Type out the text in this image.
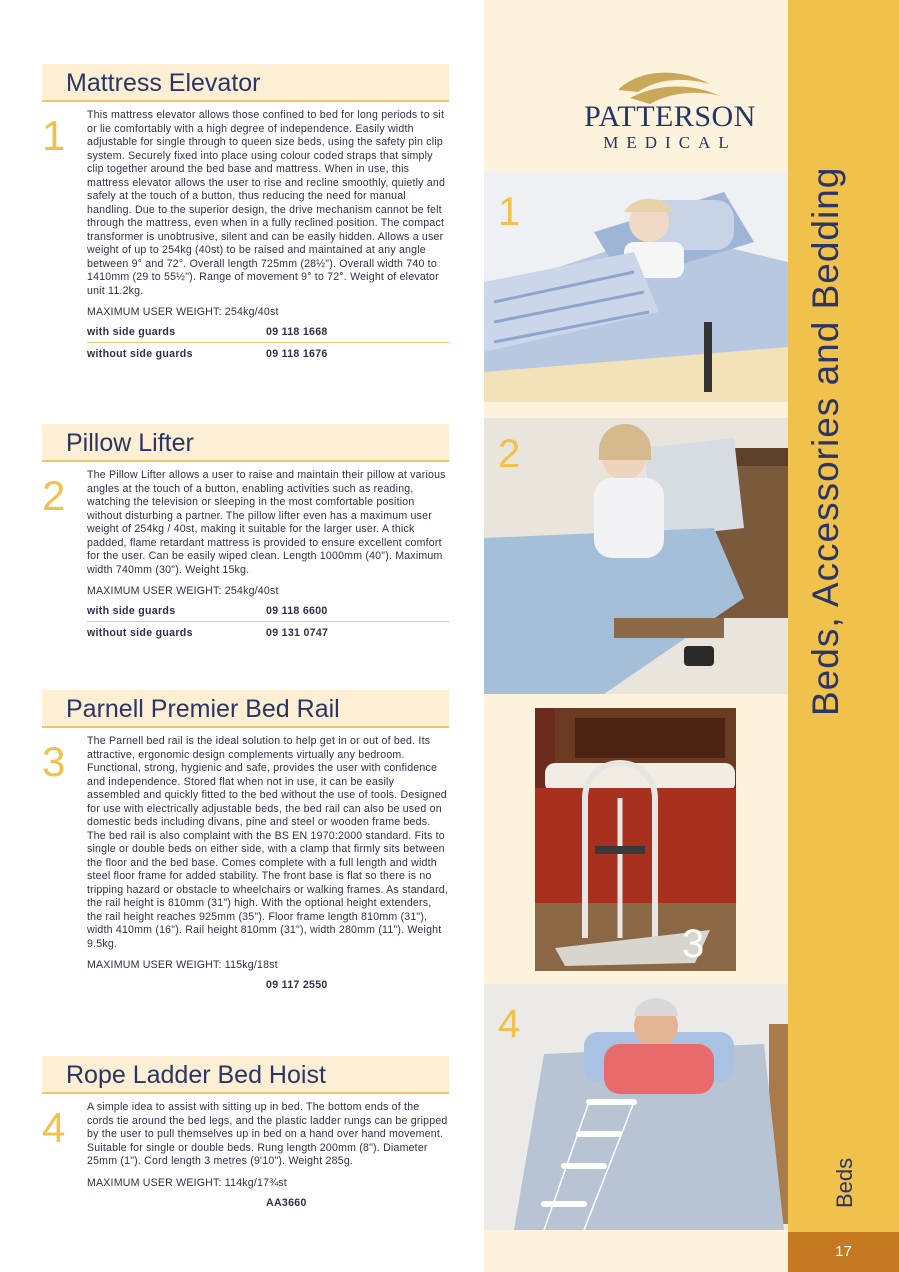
17
Beds, Accessories and Bedding
Beds
PATTERSON
MEDICAL
Mattress Elevator
1 This mattress elevator allows those confined to bed for long periods to sit or lie comfortably with a high degree of independence. Easily width adjustable for single through to queen size beds, using the safety pin clip system. Securely fixed into place using colour coded straps that simply clip together around the bed base and mattress. When in use, this mattress elevator allows the user to rise and recline smoothly, quietly and safely at the touch of a button, thus reducing the need for manual handling. Due to the superior design, the drive mechanism cannot be felt through the mattress, even when in a fully reclined position. The compact transformer is unobtrusive, silent and can be easily hidden. Allows a user weight of up to 254kg (40st) to be raised and maintained at any angle between 9° and 72°. Overall length 725mm (28½"). Overall width 740 to 1410mm (29 to 55½"). Range of movement 9° to 72°. Weight of elevator unit 11.2kg.
MAXIMUM USER WEIGHT: 254kg/40st
with side guards	09 118 1668
without side guards	09 118 1676
Pillow Lifter
2 The Pillow Lifter allows a user to raise and maintain their pillow at various angles at the touch of a button, enabling activities such as reading, watching the television or sleeping in the most comfortable position without disturbing a partner. The pillow lifter even has a maximum user weight of 254kg / 40st, making it suitable for the larger user. A thick padded, flame retardant mattress is provided to ensure excellent comfort for the user. Can be easily wiped clean. Length 1000mm (40"). Maximum width 740mm (30"). Weight 15kg.
MAXIMUM USER WEIGHT: 254kg/40st
with side guards	09 118 6600
without side guards	09 131 0747
Parnell Premier Bed Rail
3 The Parnell bed rail is the ideal solution to help get in or out of bed. Its attractive, ergonomic design complements virtually any bedroom. Functional, strong, hygienic and safe, provides the user with confidence and independence. Stored flat when not in use, it can be easily assembled and quickly fitted to the bed without the use of tools. Designed for use with electrically adjustable beds, the bed rail can also be used on domestic beds including divans, pine and steel or wooden frame beds. The bed rail is also complaint with the BS EN 1970:2000 standard. Fits to single or double beds on either side, with a clamp that firmly sits between the floor and the bed base. Comes complete with a full length and width steel floor frame for added stability. The front base is flat so there is no tripping hazard or obstacle to wheelchairs or walking frames. As standard, the rail height is 810mm (31") high. With the optional height extenders, the rail height reaches 925mm (35"). Floor frame length 810mm (31"), width 410mm (16"). Rail height 810mm (31"), width 280mm (11"). Weight 9.5kg.
MAXIMUM USER WEIGHT: 115kg/18st
09 117 2550
Rope Ladder Bed Hoist
4 A simple idea to assist with sitting up in bed. The bottom ends of the cords tie around the bed legs, and the plastic ladder rungs can be gripped by the user to pull themselves up in bed on a hand over hand movement. Suitable for single or double beds. Rung length 200mm (8"). Diameter 25mm (1"). Cord length 3 metres (9'10"). Weight 285g.
MAXIMUM USER WEIGHT: 114kg/17¾st
AA3660
1
2
3
4
